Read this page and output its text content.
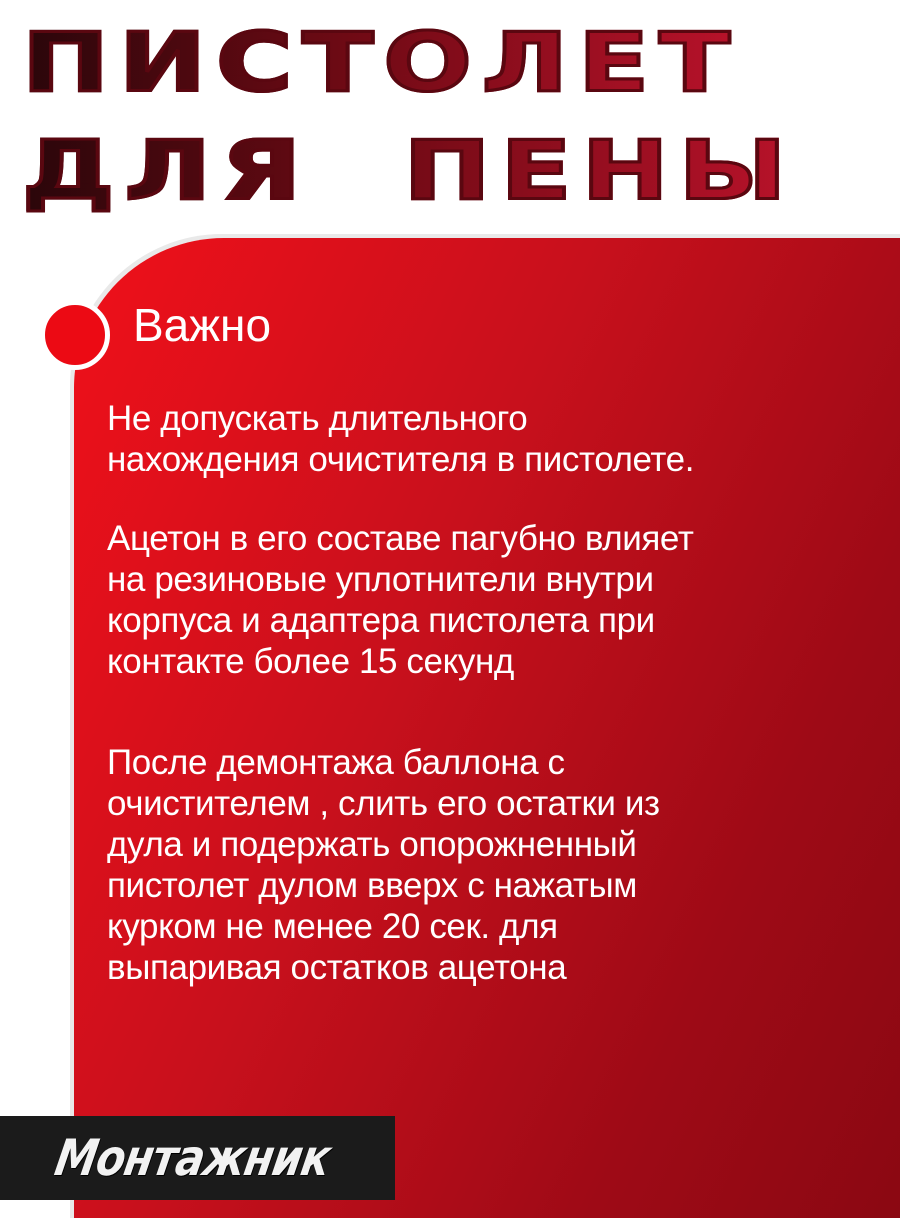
ПИСТОЛЕТ
ДЛЯ  ПЕНЫ
Важно

Не допускать длительного
нахождения очистителя в пистолете.

Ацетон в его составе пагубно влияет
на резиновые уплотнители внутри
корпуса и адаптера пистолета при
контакте более 15 секунд

После демонтажа баллона с
очистителем , слить его остатки из
дула и подержать опорожненный
пистолет дулом вверх с нажатым
курком не менее 20 сек. для
выпаривая остатков ацетона

Монтажник
